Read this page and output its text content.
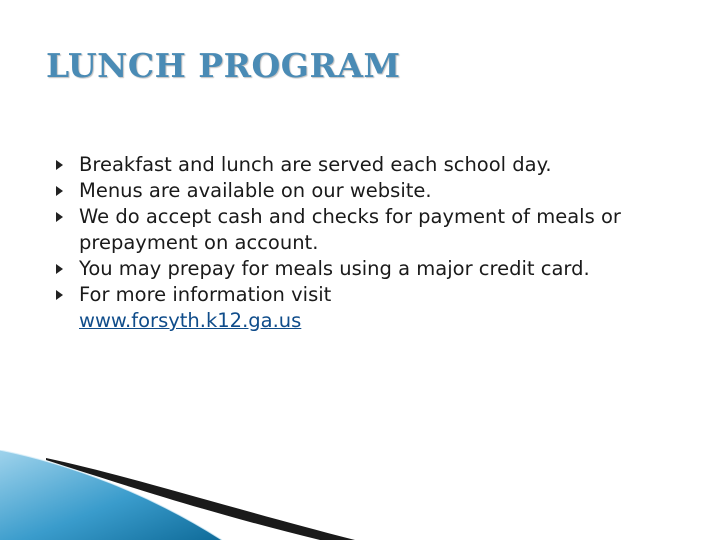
LUNCH PROGRAM
Breakfast and lunch are served each school day.
Menus are available on our website.
We do accept cash and checks for payment of meals or prepayment on account.
You may prepay for meals using a major credit card.
For more information visit
www.forsyth.k12.ga.us
